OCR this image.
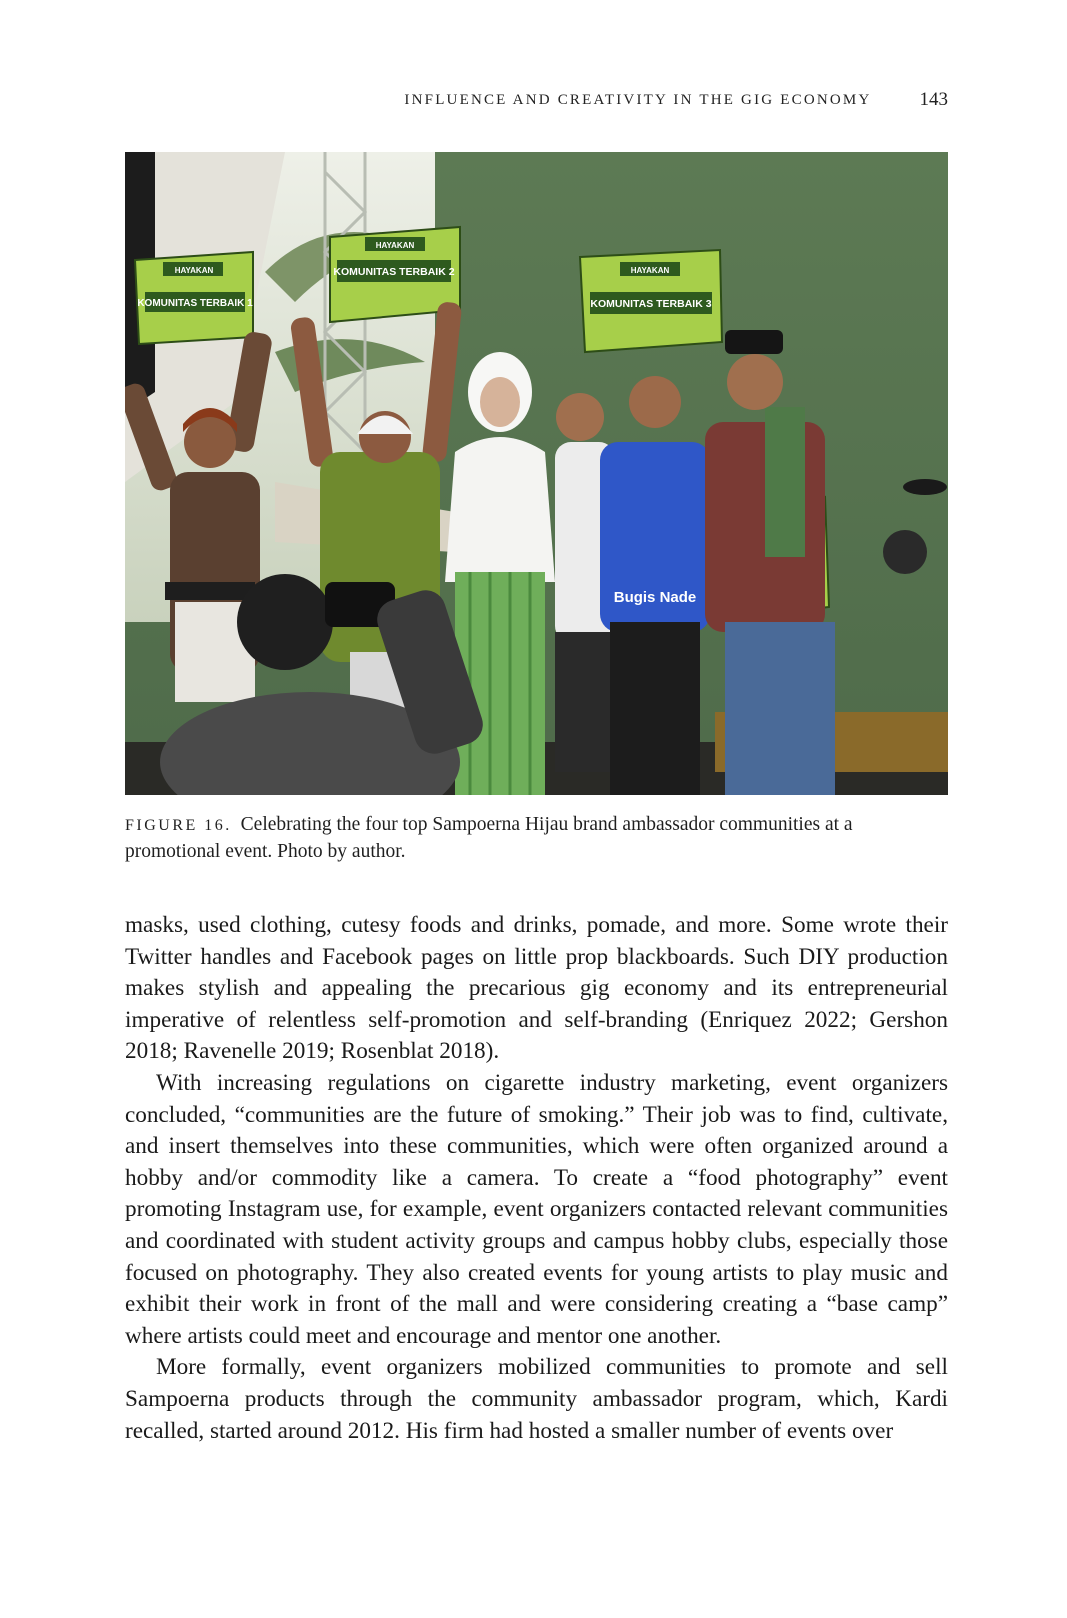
INFLUENCE AND CREATIVITY IN THE GIG ECONOMY	143
HAYAKAN
KOMUNITAS TERBAIK 1
HAYAKAN
KOMUNITAS TERBAIK 2	HAYAKAN
KOMUNITAS TERBAIK 3
Bugis Nade
FIGURE 16. Celebrating the four top Sampoerna Hijau brand ambassador communities at a promotional event. Photo by author.

masks, used clothing, cutesy foods and drinks, pomade, and more. Some wrote their Twitter handles and Facebook pages on little prop blackboards. Such DIY production makes stylish and appealing the precarious gig economy and its entrepreneurial imperative of relentless self-promotion and self-branding (Enriquez 2022; Gershon 2018; Ravenelle 2019; Rosenblat 2018).

With increasing regulations on cigarette industry marketing, event organizers concluded, “communities are the future of smoking.” Their job was to find, cultivate, and insert themselves into these communities, which were often organized around a hobby and/or commodity like a camera. To create a “food photography” event promoting Instagram use, for example, event organizers contacted relevant communities and coordinated with student activity groups and campus hobby clubs, especially those focused on photography. They also created events for young artists to play music and exhibit their work in front of the mall and were considering creating a “base camp” where artists could meet and encourage and mentor one another.

More formally, event organizers mobilized communities to promote and sell Sampoerna products through the community ambassador program, which, Kardi recalled, started around 2012. His firm had hosted a smaller number of events over
